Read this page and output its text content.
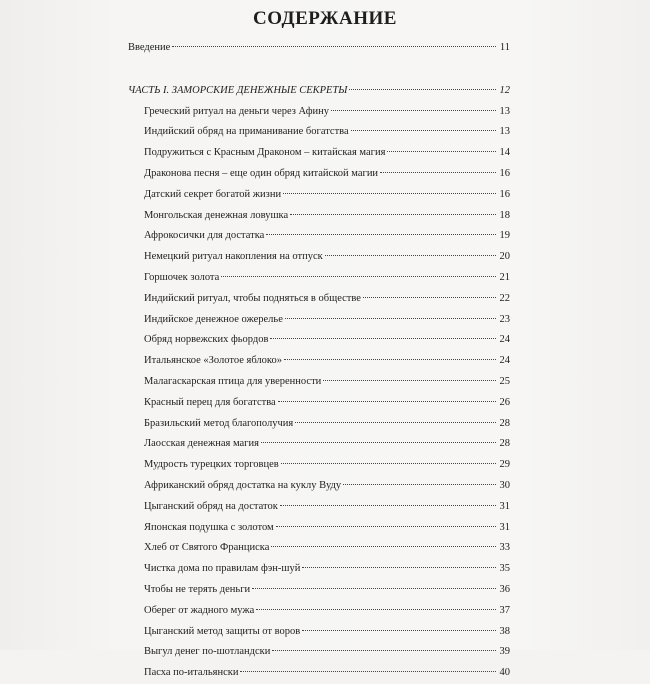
СОДЕРЖАНИЕ
Введение	11
ЧАСТЬ I. ЗАМОРСКИЕ ДЕНЕЖНЫЕ СЕКРЕТЫ	12
Греческий ритуал на деньги через Афину	13
Индийский обряд на приманивание богатства	13
Подружиться с Красным Драконом – китайская магия	14
Драконова песня – еще один обряд китайской магии	16
Датский секрет богатой жизни	16
Монгольская денежная ловушка	18
Афрокосички для достатка	19
Немецкий ритуал накопления на отпуск	20
Горшочек золота	21
Индийский ритуал, чтобы подняться в обществе	22
Индийское денежное ожерелье	23
Обряд норвежских фьордов	24
Итальянское «Золотое яблоко»	24
Малагаскарская птица для уверенности	25
Красный перец для богатства	26
Бразильский метод благополучия	28
Лаосская денежная магия	28
Мудрость турецких торговцев	29
Африканский обряд достатка на куклу Вуду	30
Цыганский обряд на достаток	31
Японская подушка с золотом	31
Хлеб от Святого Франциска	33
Чистка дома по правилам фэн-шуй	35
Чтобы не терять деньги	36
Оберег от жадного мужа	37
Цыганский метод защиты от воров	38
Выгул денег по-шотландски	39
Пасха по-итальянски	40
